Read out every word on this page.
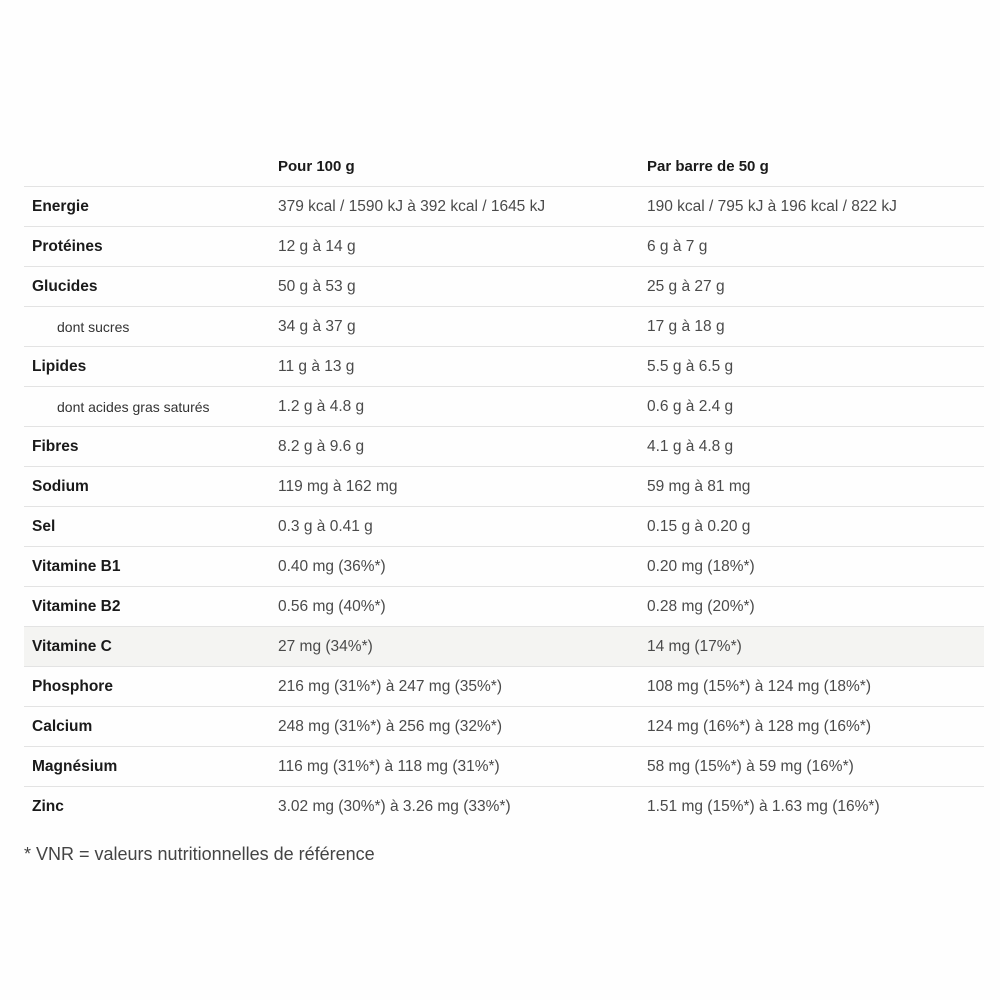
	Pour 100 g	Par barre de 50 g
Energie	379 kcal / 1590 kJ à 392 kcal / 1645 kJ	190 kcal / 795 kJ à 196 kcal / 822 kJ
Protéines	12 g à 14 g	6 g à 7 g
Glucides	50 g à 53 g	25 g à 27 g
dont sucres	34 g à 37 g	17 g à 18 g
Lipides	11 g à 13 g	5.5 g à 6.5 g
dont acides gras saturés	1.2 g à 4.8 g	0.6 g à 2.4 g
Fibres	8.2 g à 9.6 g	4.1 g à 4.8 g
Sodium	119 mg à 162 mg	59 mg à 81 mg
Sel	0.3 g à 0.41 g	0.15 g à 0.20 g
Vitamine B1	0.40 mg (36%*)	0.20 mg (18%*)
Vitamine B2	0.56 mg (40%*)	0.28 mg (20%*)
Vitamine C	27 mg (34%*)	14 mg (17%*)
Phosphore	216 mg (31%*) à 247 mg (35%*)	108 mg (15%*) à 124 mg (18%*)
Calcium	248 mg (31%*) à 256 mg (32%*)	124 mg (16%*) à 128 mg (16%*)
Magnésium	116 mg (31%*) à 118 mg (31%*)	58 mg (15%*) à 59 mg (16%*)
Zinc	3.02 mg (30%*) à 3.26 mg (33%*)	1.51 mg (15%*) à 1.63 mg (16%*)
* VNR = valeurs nutritionnelles de référence
